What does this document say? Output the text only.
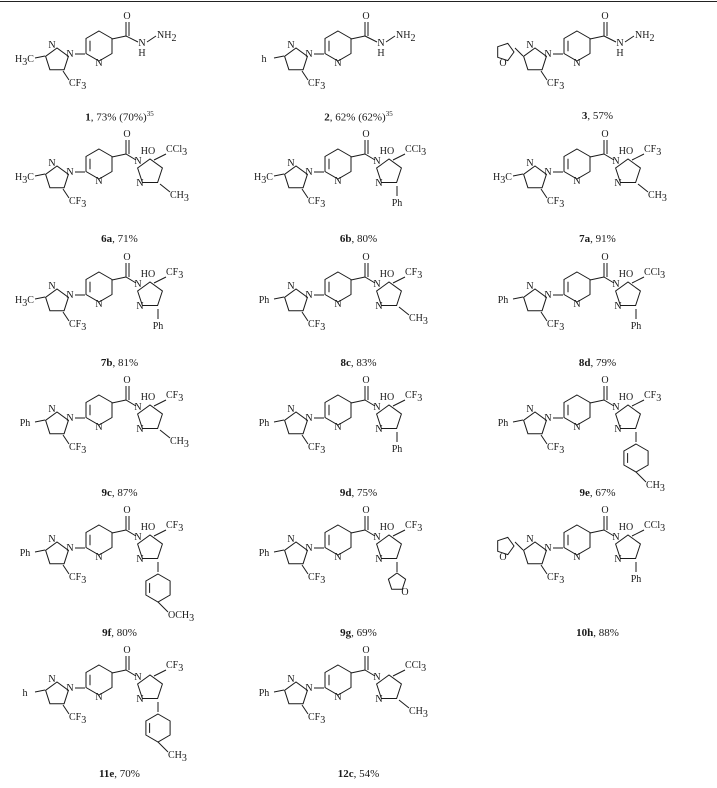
N
N
H3C
CF3
N
O
N
H
NH2
1, 73% $(70\%)^{35}$
N
N
h
CF3
N
O
N
H
NH2
2, 62% $(62\%)^{35}$
N
N
O
CF3
N
O
N
H
NH2
3, 57%
N
N
H3C
CF3
N
O
N
N
CCl3
HO
CH3
6a, 71%
N
N
H3C
CF3
N
O
N
N
CCl3
HO
Ph
6b, 80%
N
N
H3C
CF3
N
O
N
N
CF3
HO
CH3
7a, 91%
N
N
H3C
CF3
N
O
N
N
CF3
HO
Ph
7b, 81%
N
N
Ph
CF3
N
O
N
N
CF3
HO
CH3
8c, 83%
N
N
Ph
CF3
N
O
N
N
CCl3
HO
Ph
8d, 79%
N
N
Ph
CF3
N
O
N
N
CF3
HO
CH3
9c, 87%
N
N
Ph
CF3
N
O
N
N
CF3
HO
Ph
9d, 75%
N
N
Ph
CF3
N
O
N
N
CF3
HO
CH3
9e, 67%
N
N
Ph
CF3
N
O
N
N
CF3
HO
OCH3
9f, 80%
N
N
Ph
CF3
N
O
N
N
CF3
HO
O
9g, 69%
N
N
O
CF3
N
O
N
N
CCl3
HO
Ph
10h, 88%
N
N
h
CF3
N
O
N
N
CF3
CH3
11e, 70%
N
N
Ph
CF3
N
O
N
N
CCl3
CH3
12c, 54%
